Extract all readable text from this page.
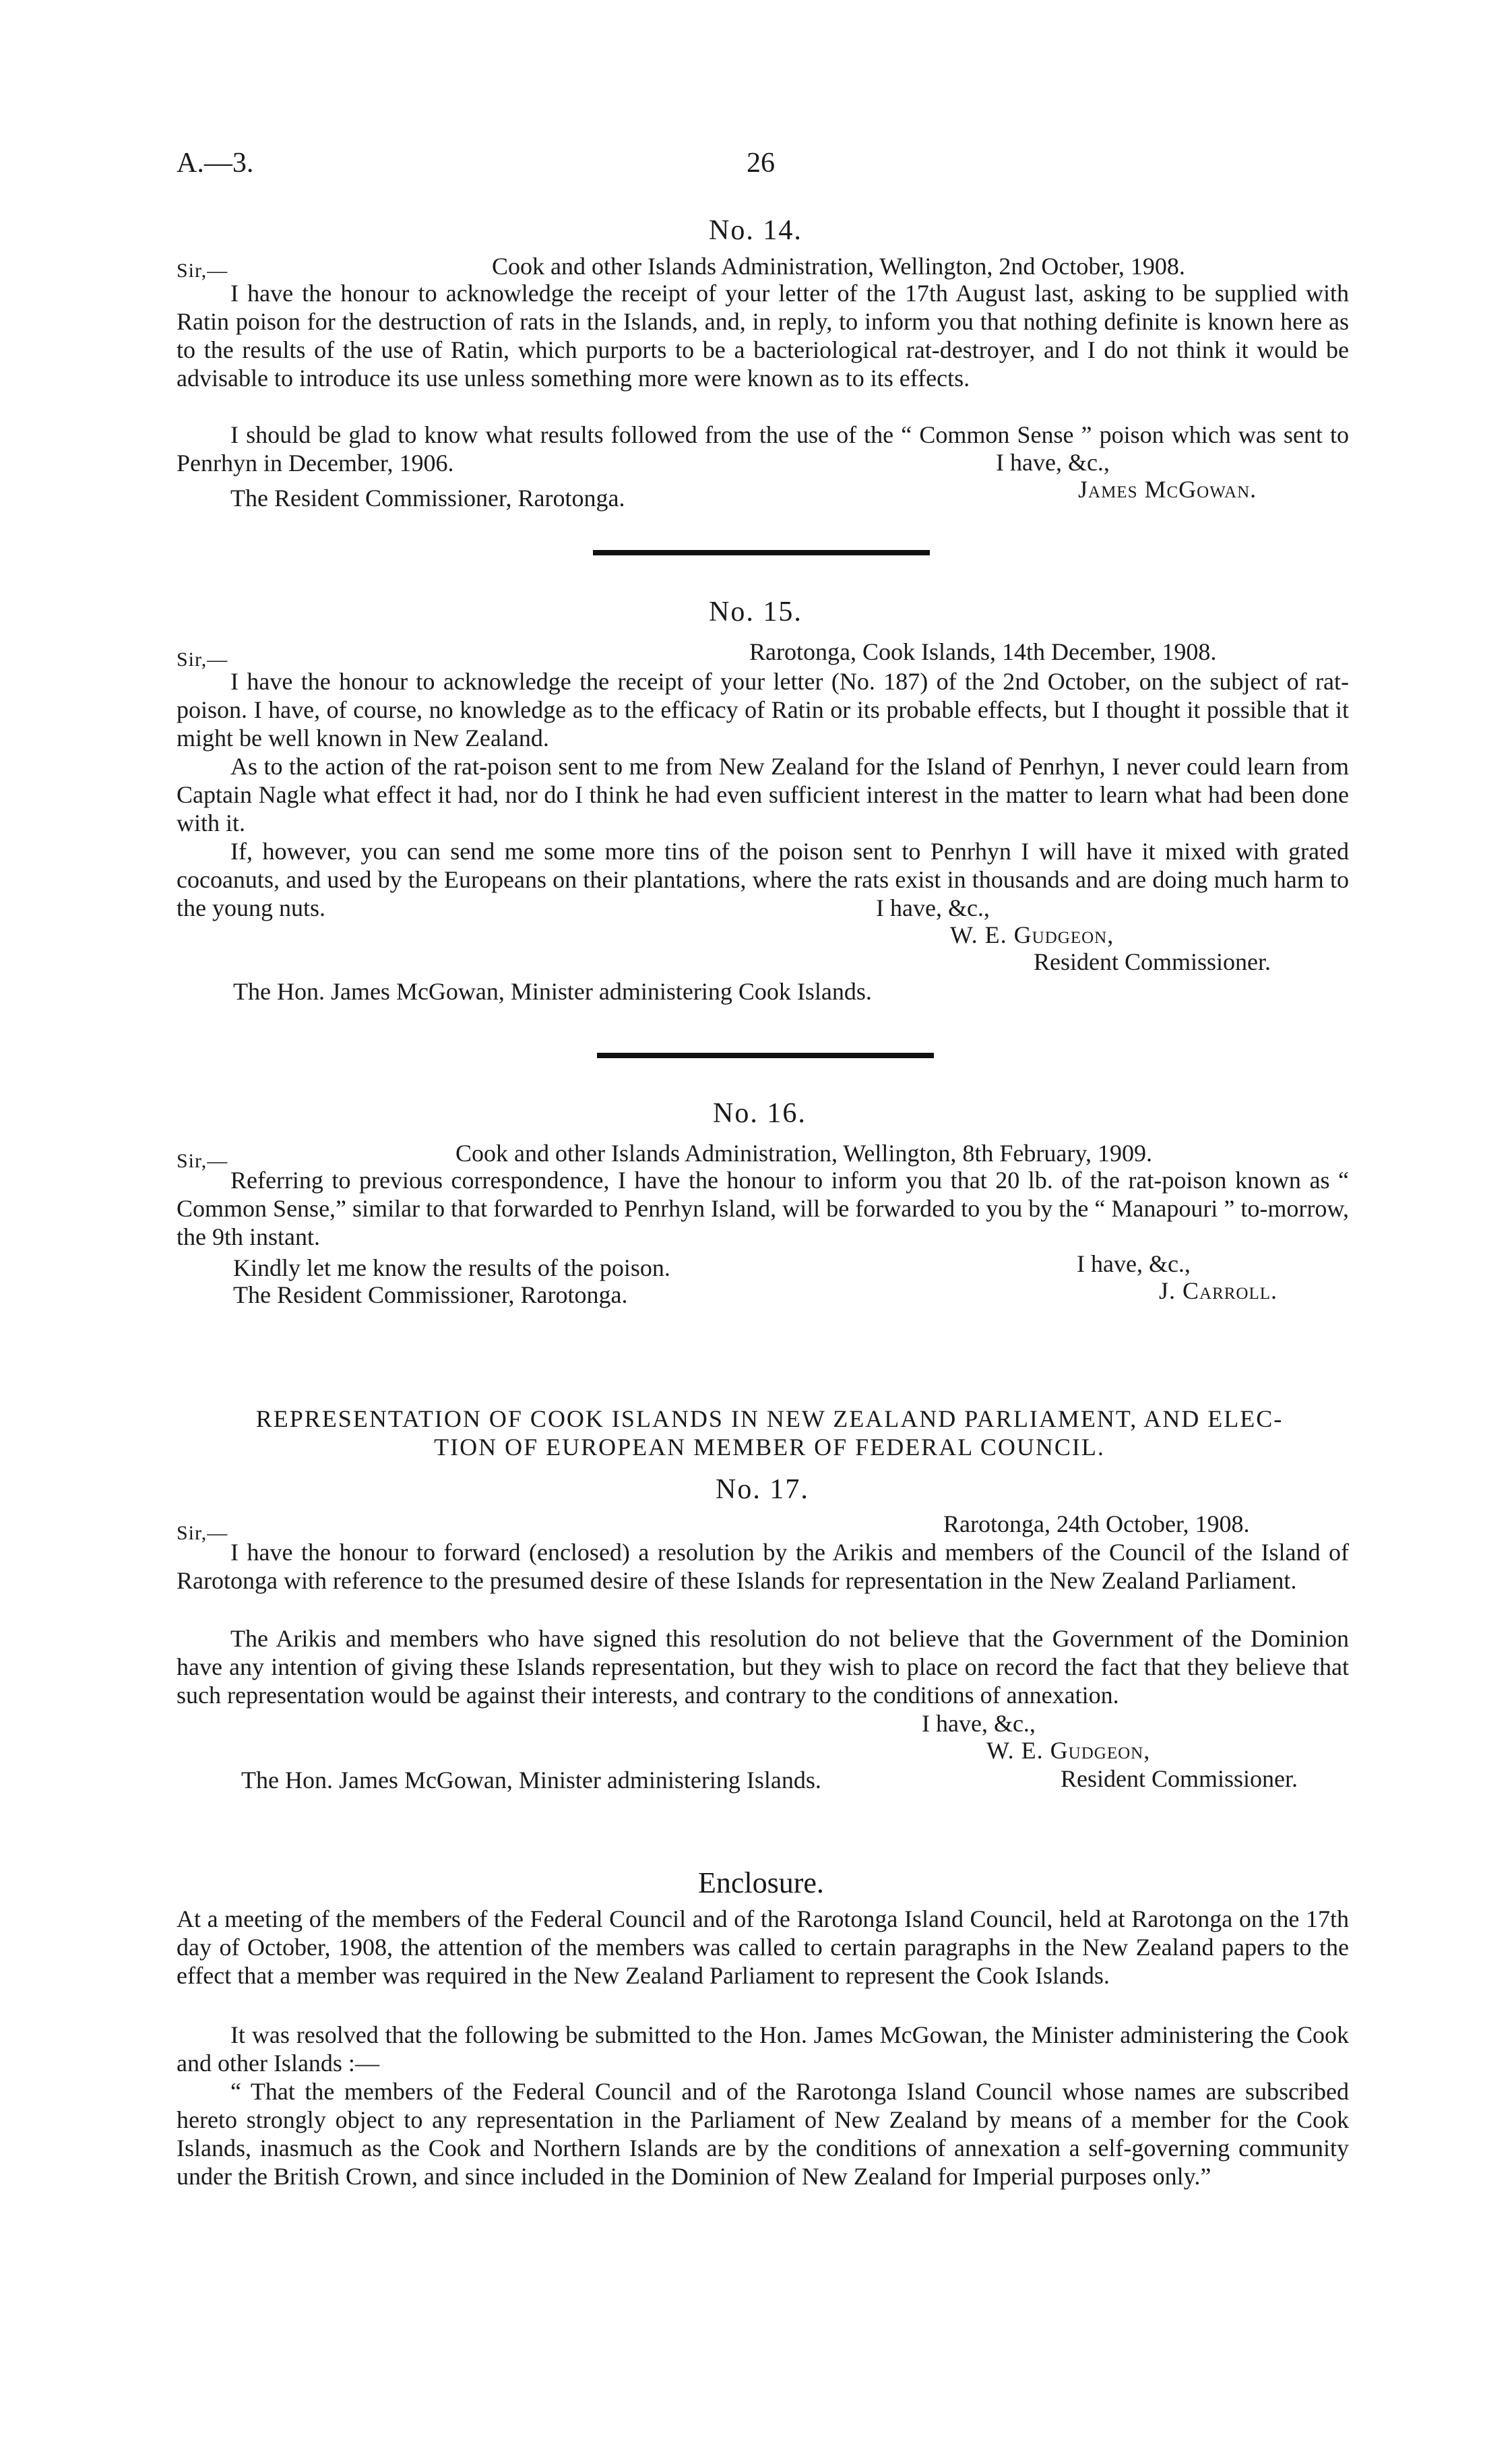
A.—3.	26
No. 14.
Sir,—	Cook and other Islands Administration, Wellington, 2nd October, 1908.
I have the honour to acknowledge the receipt of your letter of the 17th August last, asking to be supplied with Ratin poison for the destruction of rats in the Islands, and, in reply, to inform you that nothing definite is known here as to the results of the use of Ratin, which purports to be a bacteriological rat-destroyer, and I do not think it would be advisable to introduce its use unless something more were known as to its effects.
I should be glad to know what results followed from the use of the “ Common Sense ” poison which was sent to Penrhyn in December, 1906.	I have, &c.,
James McGowan.
The Resident Commissioner, Rarotonga.
No. 15.
Sir,—	Rarotonga, Cook Islands, 14th December, 1908.
I have the honour to acknowledge the receipt of your letter (No. 187) of the 2nd October, on the subject of rat-poison. I have, of course, no knowledge as to the efficacy of Ratin or its probable effects, but I thought it possible that it might be well known in New Zealand.
As to the action of the rat-poison sent to me from New Zealand for the Island of Penrhyn, I never could learn from Captain Nagle what effect it had, nor do I think he had even sufficient interest in the matter to learn what had been done with it.
If, however, you can send me some more tins of the poison sent to Penrhyn I will have it mixed with grated cocoanuts, and used by the Europeans on their plantations, where the rats exist in thousands and are doing much harm to the young nuts.	I have, &c.,
W. E. Gudgeon,
Resident Commissioner.
The Hon. James McGowan, Minister administering Cook Islands.
No. 16.
Sir,—	Cook and other Islands Administration, Wellington, 8th February, 1909.
Referring to previous correspondence, I have the honour to inform you that 20 lb. of the rat-poison known as “ Common Sense,” similar to that forwarded to Penrhyn Island, will be forwarded to you by the “ Manapouri ” to-morrow, the 9th instant.
Kindly let me know the results of the poison.	I have, &c.,
J. Carroll.
The Resident Commissioner, Rarotonga.
REPRESENTATION OF COOK ISLANDS IN NEW ZEALAND PARLIAMENT, AND ELEC-
TION OF EUROPEAN MEMBER OF FEDERAL COUNCIL.
No. 17.
Sir,—	Rarotonga, 24th October, 1908.
I have the honour to forward (enclosed) a resolution by the Arikis and members of the Council of the Island of Rarotonga with reference to the presumed desire of these Islands for representation in the New Zealand Parliament.
The Arikis and members who have signed this resolution do not believe that the Government of the Dominion have any intention of giving these Islands representation, but they wish to place on record the fact that they believe that such representation would be against their interests, and contrary to the conditions of annexation.
I have, &c.,
W. E. Gudgeon,
Resident Commissioner.
The Hon. James McGowan, Minister administering Islands.
Enclosure.
At a meeting of the members of the Federal Council and of the Rarotonga Island Council, held at Rarotonga on the 17th day of October, 1908, the attention of the members was called to certain paragraphs in the New Zealand papers to the effect that a member was required in the New Zealand Parliament to represent the Cook Islands.
It was resolved that the following be submitted to the Hon. James McGowan, the Minister administering the Cook and other Islands :—
“ That the members of the Federal Council and of the Rarotonga Island Council whose names are subscribed hereto strongly object to any representation in the Parliament of New Zealand by means of a member for the Cook Islands, inasmuch as the Cook and Northern Islands are by the conditions of annexation a self-governing community under the British Crown, and since included in the Dominion of New Zealand for Imperial purposes only.”
